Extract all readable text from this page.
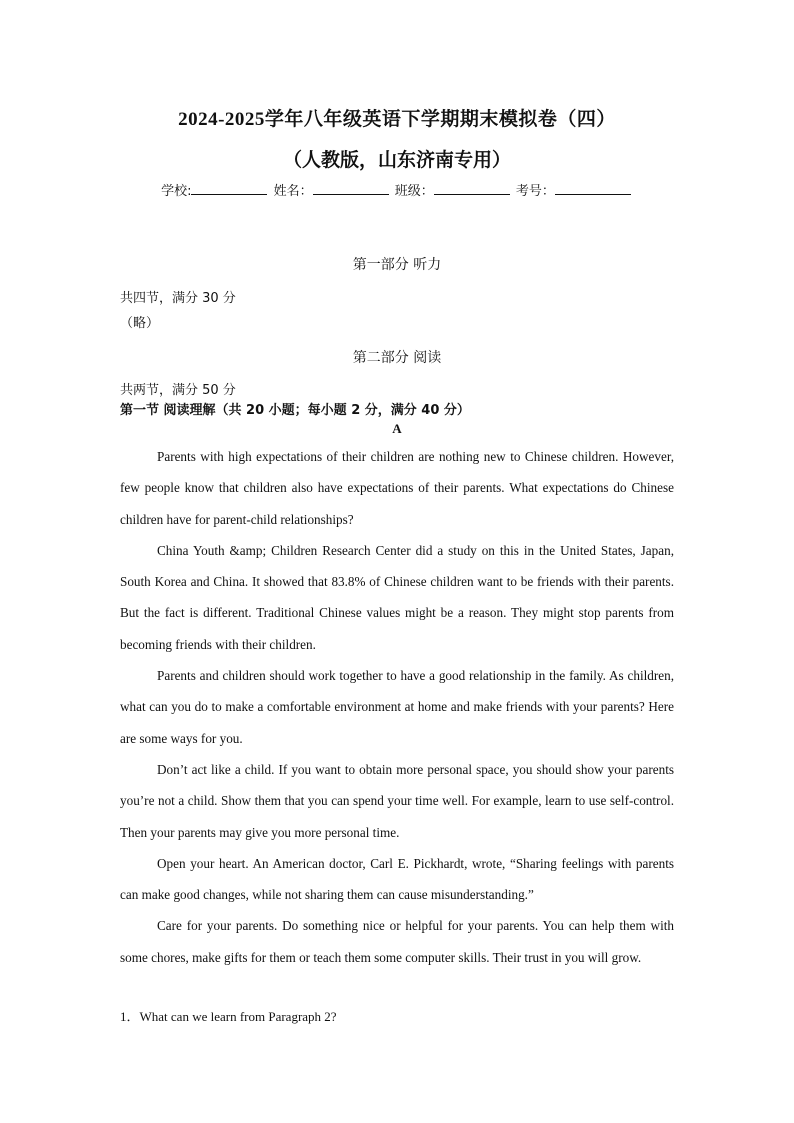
2024-2025学年八年级英语下学期期末模拟卷（四）
（人教版，山东济南专用）
学校:	姓名：	班级：	考号：
第一部分 听力
共四节，满分 30 分
（略）
第二部分 阅读
共两节，满分 50 分
第一节 阅读理解（共 20 小题；每小题 2 分，满分 40 分）
A

Parents with high expectations of their children are nothing new to Chinese children. However, few people know that children also have expectations of their parents. What expectations do Chinese children have for parent-child relationships?

China Youth &amp; Children Research Center did a study on this in the United States, Japan, South Korea and China. It showed that 83.8% of Chinese children want to be friends with their parents. But the fact is different. Traditional Chinese values might be a reason. They might stop parents from becoming friends with their children.

Parents and children should work together to have a good relationship in the family. As children, what can you do to make a comfortable environment at home and make friends with your parents? Here are some ways for you.

Don’t act like a child. If you want to obtain more personal space, you should show your parents you’re not a child. Show them that you can spend your time well. For example, learn to use self-control. Then your parents may give you more personal time.

Open your heart. An American doctor, Carl E. Pickhardt, wrote, “Sharing feelings with parents can make good changes, while not sharing them can cause misunderstanding.”

Care for your parents. Do something nice or helpful for your parents. You can help them with some chores, make gifts for them or teach them some computer skills. Their trust in you will grow.

1．What can we learn from Paragraph 2?
